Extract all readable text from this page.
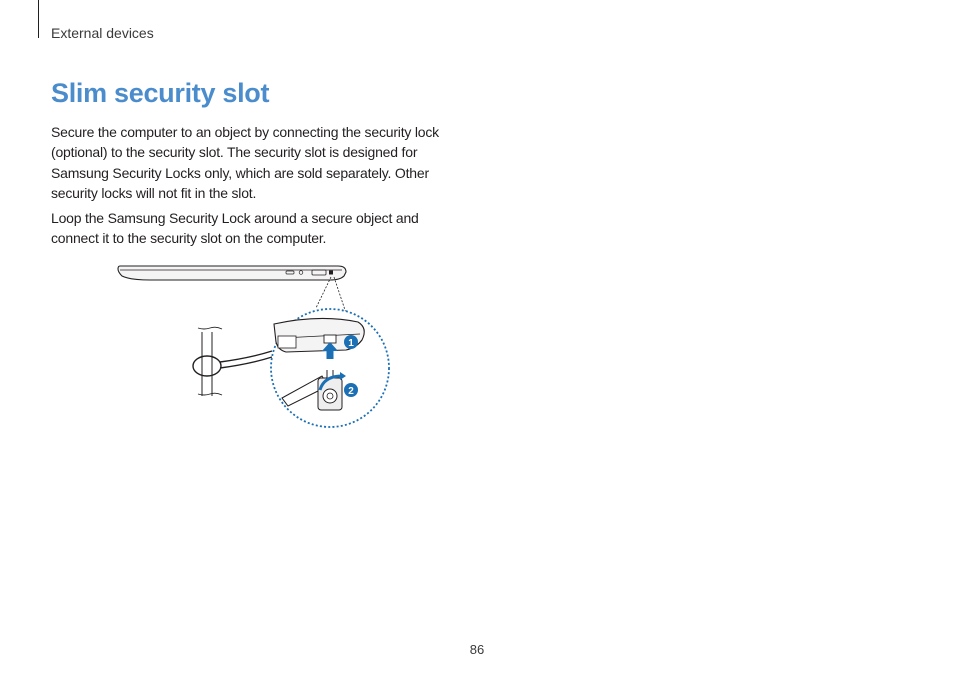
External devices
Slim security slot

Secure the computer to an object by connecting the security lock (optional) to the security slot. The security slot is designed for Samsung Security Locks only, which are sold separately. Other security locks will not fit in the slot.

Loop the Samsung Security Lock around a secure object and connect it to the security slot on the computer.

1
2
86
